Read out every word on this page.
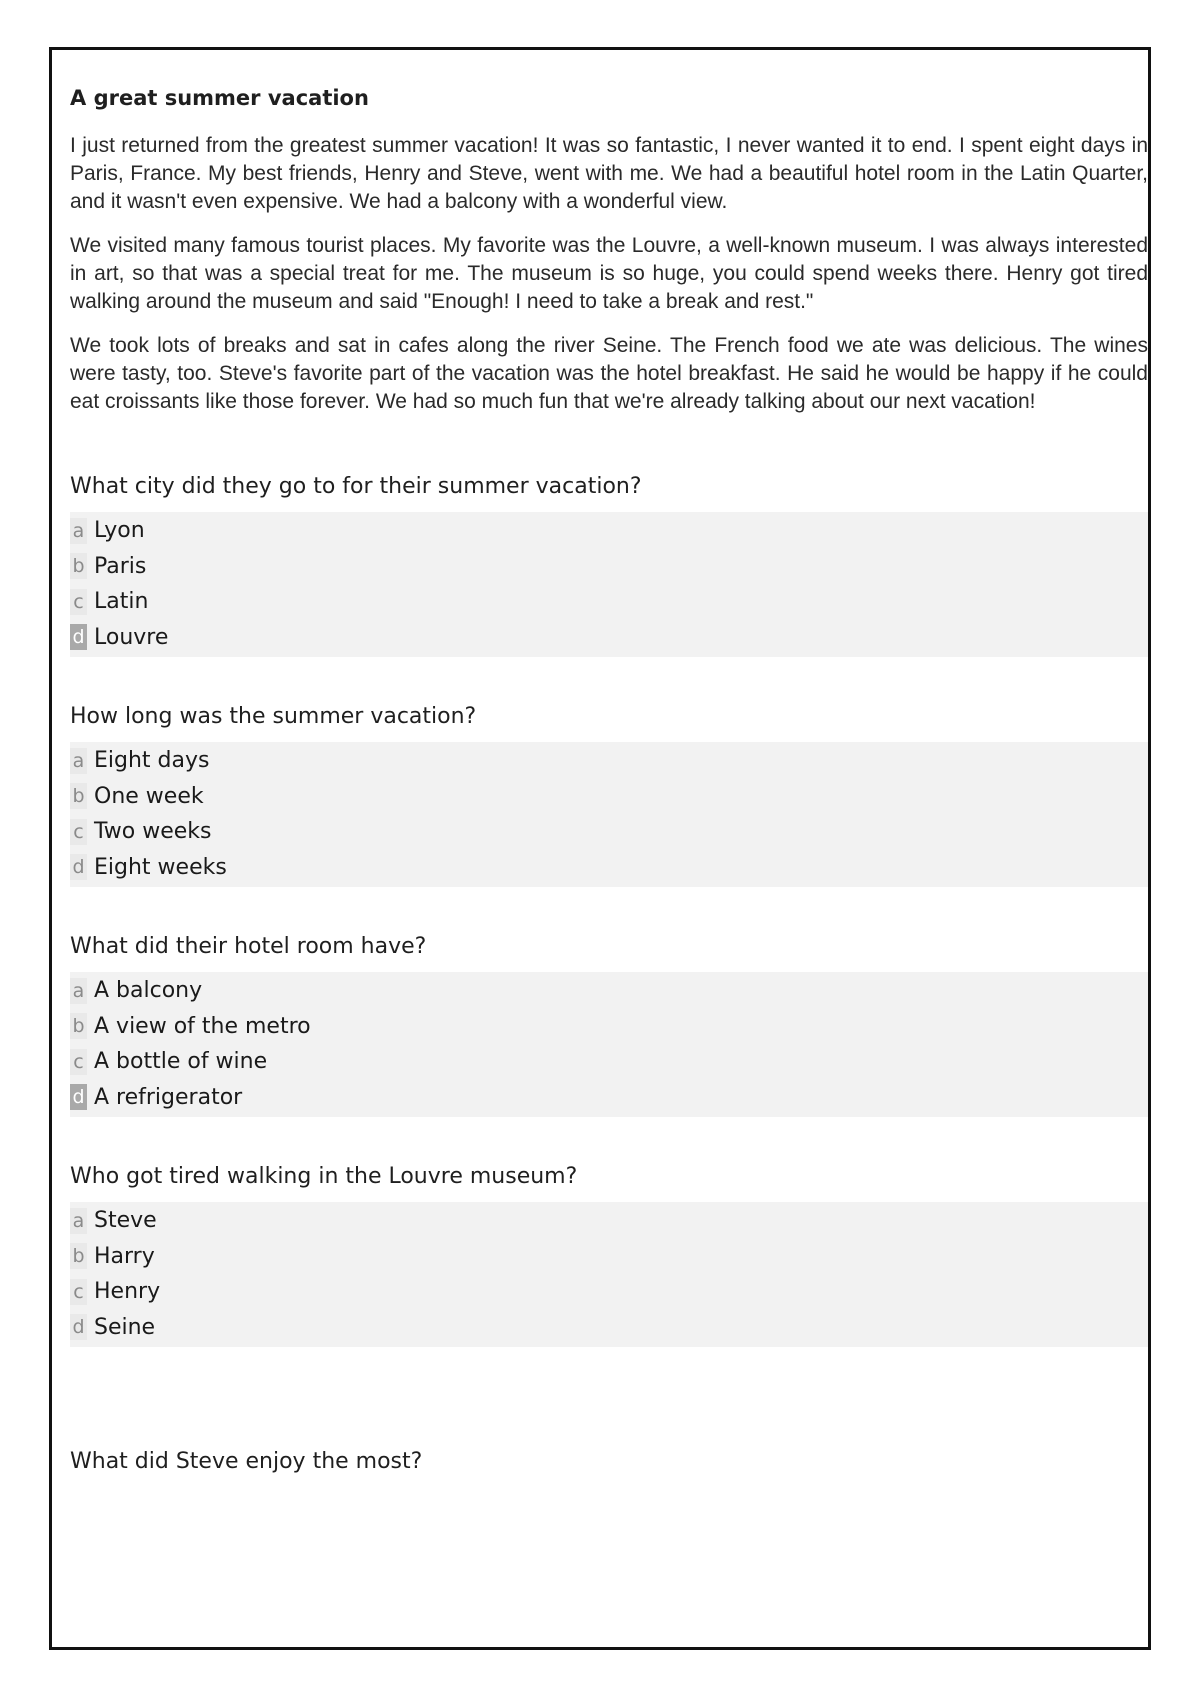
A great summer vacation

I just returned from the greatest summer vacation! It was so fantastic, I never wanted it to end. I spent eight days in Paris, France. My best friends, Henry and Steve, went with me. We had a beautiful hotel room in the Latin Quarter, and it wasn't even expensive. We had a balcony with a wonderful view.

We visited many famous tourist places. My favorite was the Louvre, a well-known museum. I was always interested in art, so that was a special treat for me. The museum is so huge, you could spend weeks there. Henry got tired walking around the museum and said "Enough! I need to take a break and rest."

We took lots of breaks and sat in cafes along the river Seine. The French food we ate was delicious. The wines were tasty, too. Steve's favorite part of the vacation was the hotel breakfast. He said he would be happy if he could eat croissants like those forever. We had so much fun that we're already talking about our next vacation!

What city did they go to for their summer vacation?
a Lyon
b Paris
c Latin
d Louvre
How long was the summer vacation?
a Eight days
b One week
c Two weeks
d Eight weeks
What did their hotel room have?
a A balcony
b A view of the metro
c A bottle of wine
d A refrigerator
Who got tired walking in the Louvre museum?
a Steve
b Harry
c Henry
d Seine
What did Steve enjoy the most?
